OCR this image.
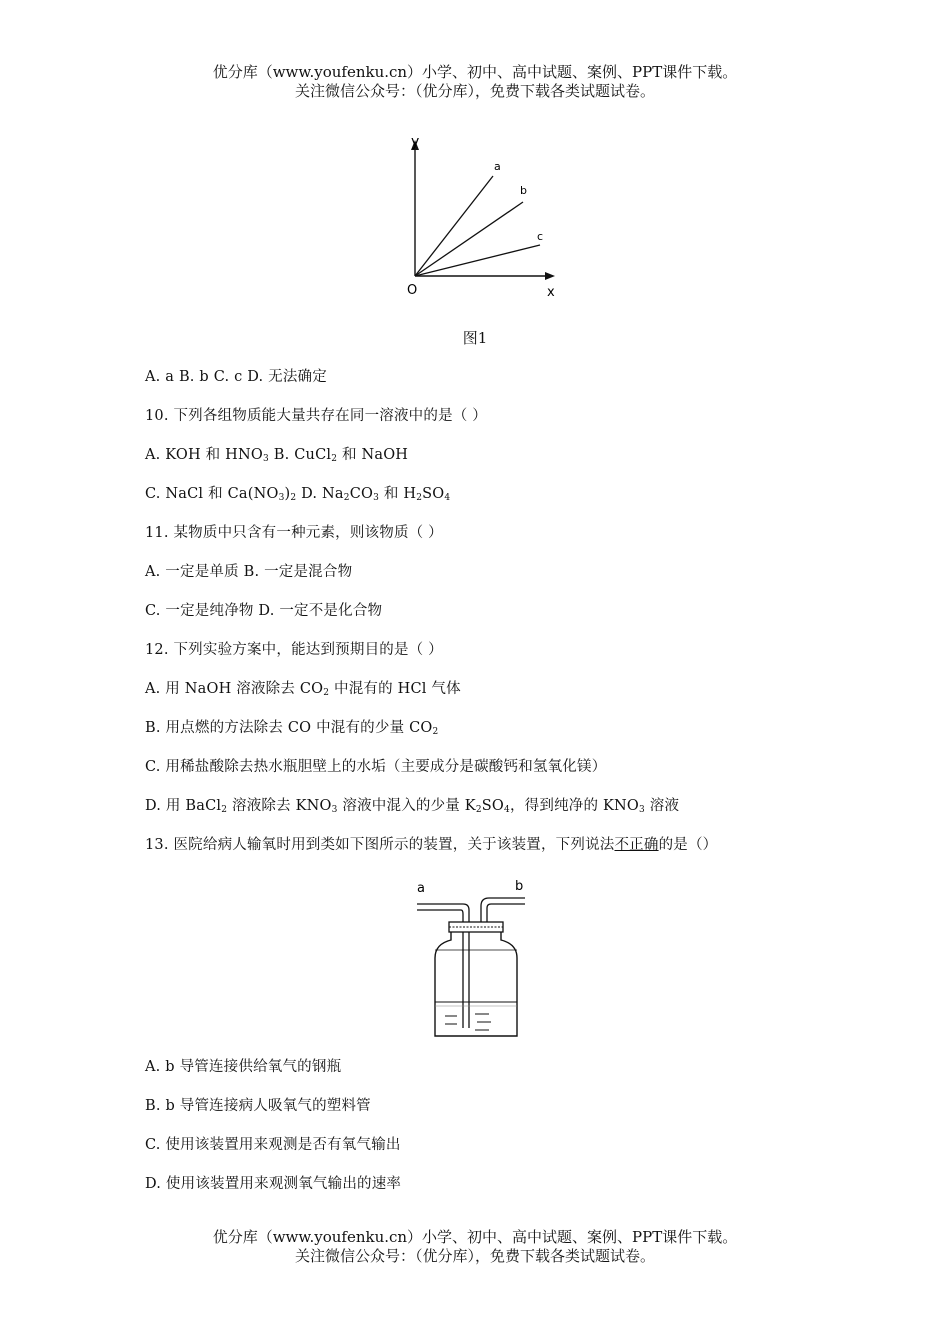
优分库（www.youfenku.cn）小学、初中、高中试题、案例、PPT课件下载。
关注微信公众号：（优分库），免费下载各类试题试卷。
y
x
O
a
b
c
图1
A. a B. b C. c D. 无法确定
10. 下列各组物质能大量共存在同一溶液中的是（ ）
A. KOH 和 $HNO_3$ B. CuCl$_2$ 和 NaOH
C. NaCl 和 $Ca(NO_3)_2$ D. $Na_2CO_3$ 和 $H_2SO_4$
11. 某物质中只含有一种元素，则该物质（ ）
A. 一定是单质 B. 一定是混合物
C. 一定是纯净物 D. 一定不是化合物
12. 下列实验方案中，能达到预期目的是（ ）
A. 用 NaOH 溶液除去 $CO_2$ 中混有的 HCl 气体
B. 用点燃的方法除去 CO 中混有的少量 $CO_2$
C. 用稀盐酸除去热水瓶胆壁上的水垢（主要成分是碳酸钙和氢氧化镁）
D. 用 BaCl$_2$ 溶液除去 $KNO_3$ 溶液中混入的少量 $K_2SO_4$，得到纯净的 $KNO_3$ 溶液
13. 医院给病人输氧时用到类如下图所示的装置，关于该装置，下列说法不正确的是（）
a	b
A. b 导管连接供给氧气的钢瓶
B. b 导管连接病人吸氧气的塑料管
C. 使用该装置用来观测是否有氧气输出
D. 使用该装置用来观测氧气输出的速率
优分库（www.youfenku.cn）小学、初中、高中试题、案例、PPT课件下载。
关注微信公众号：（优分库），免费下载各类试题试卷。
